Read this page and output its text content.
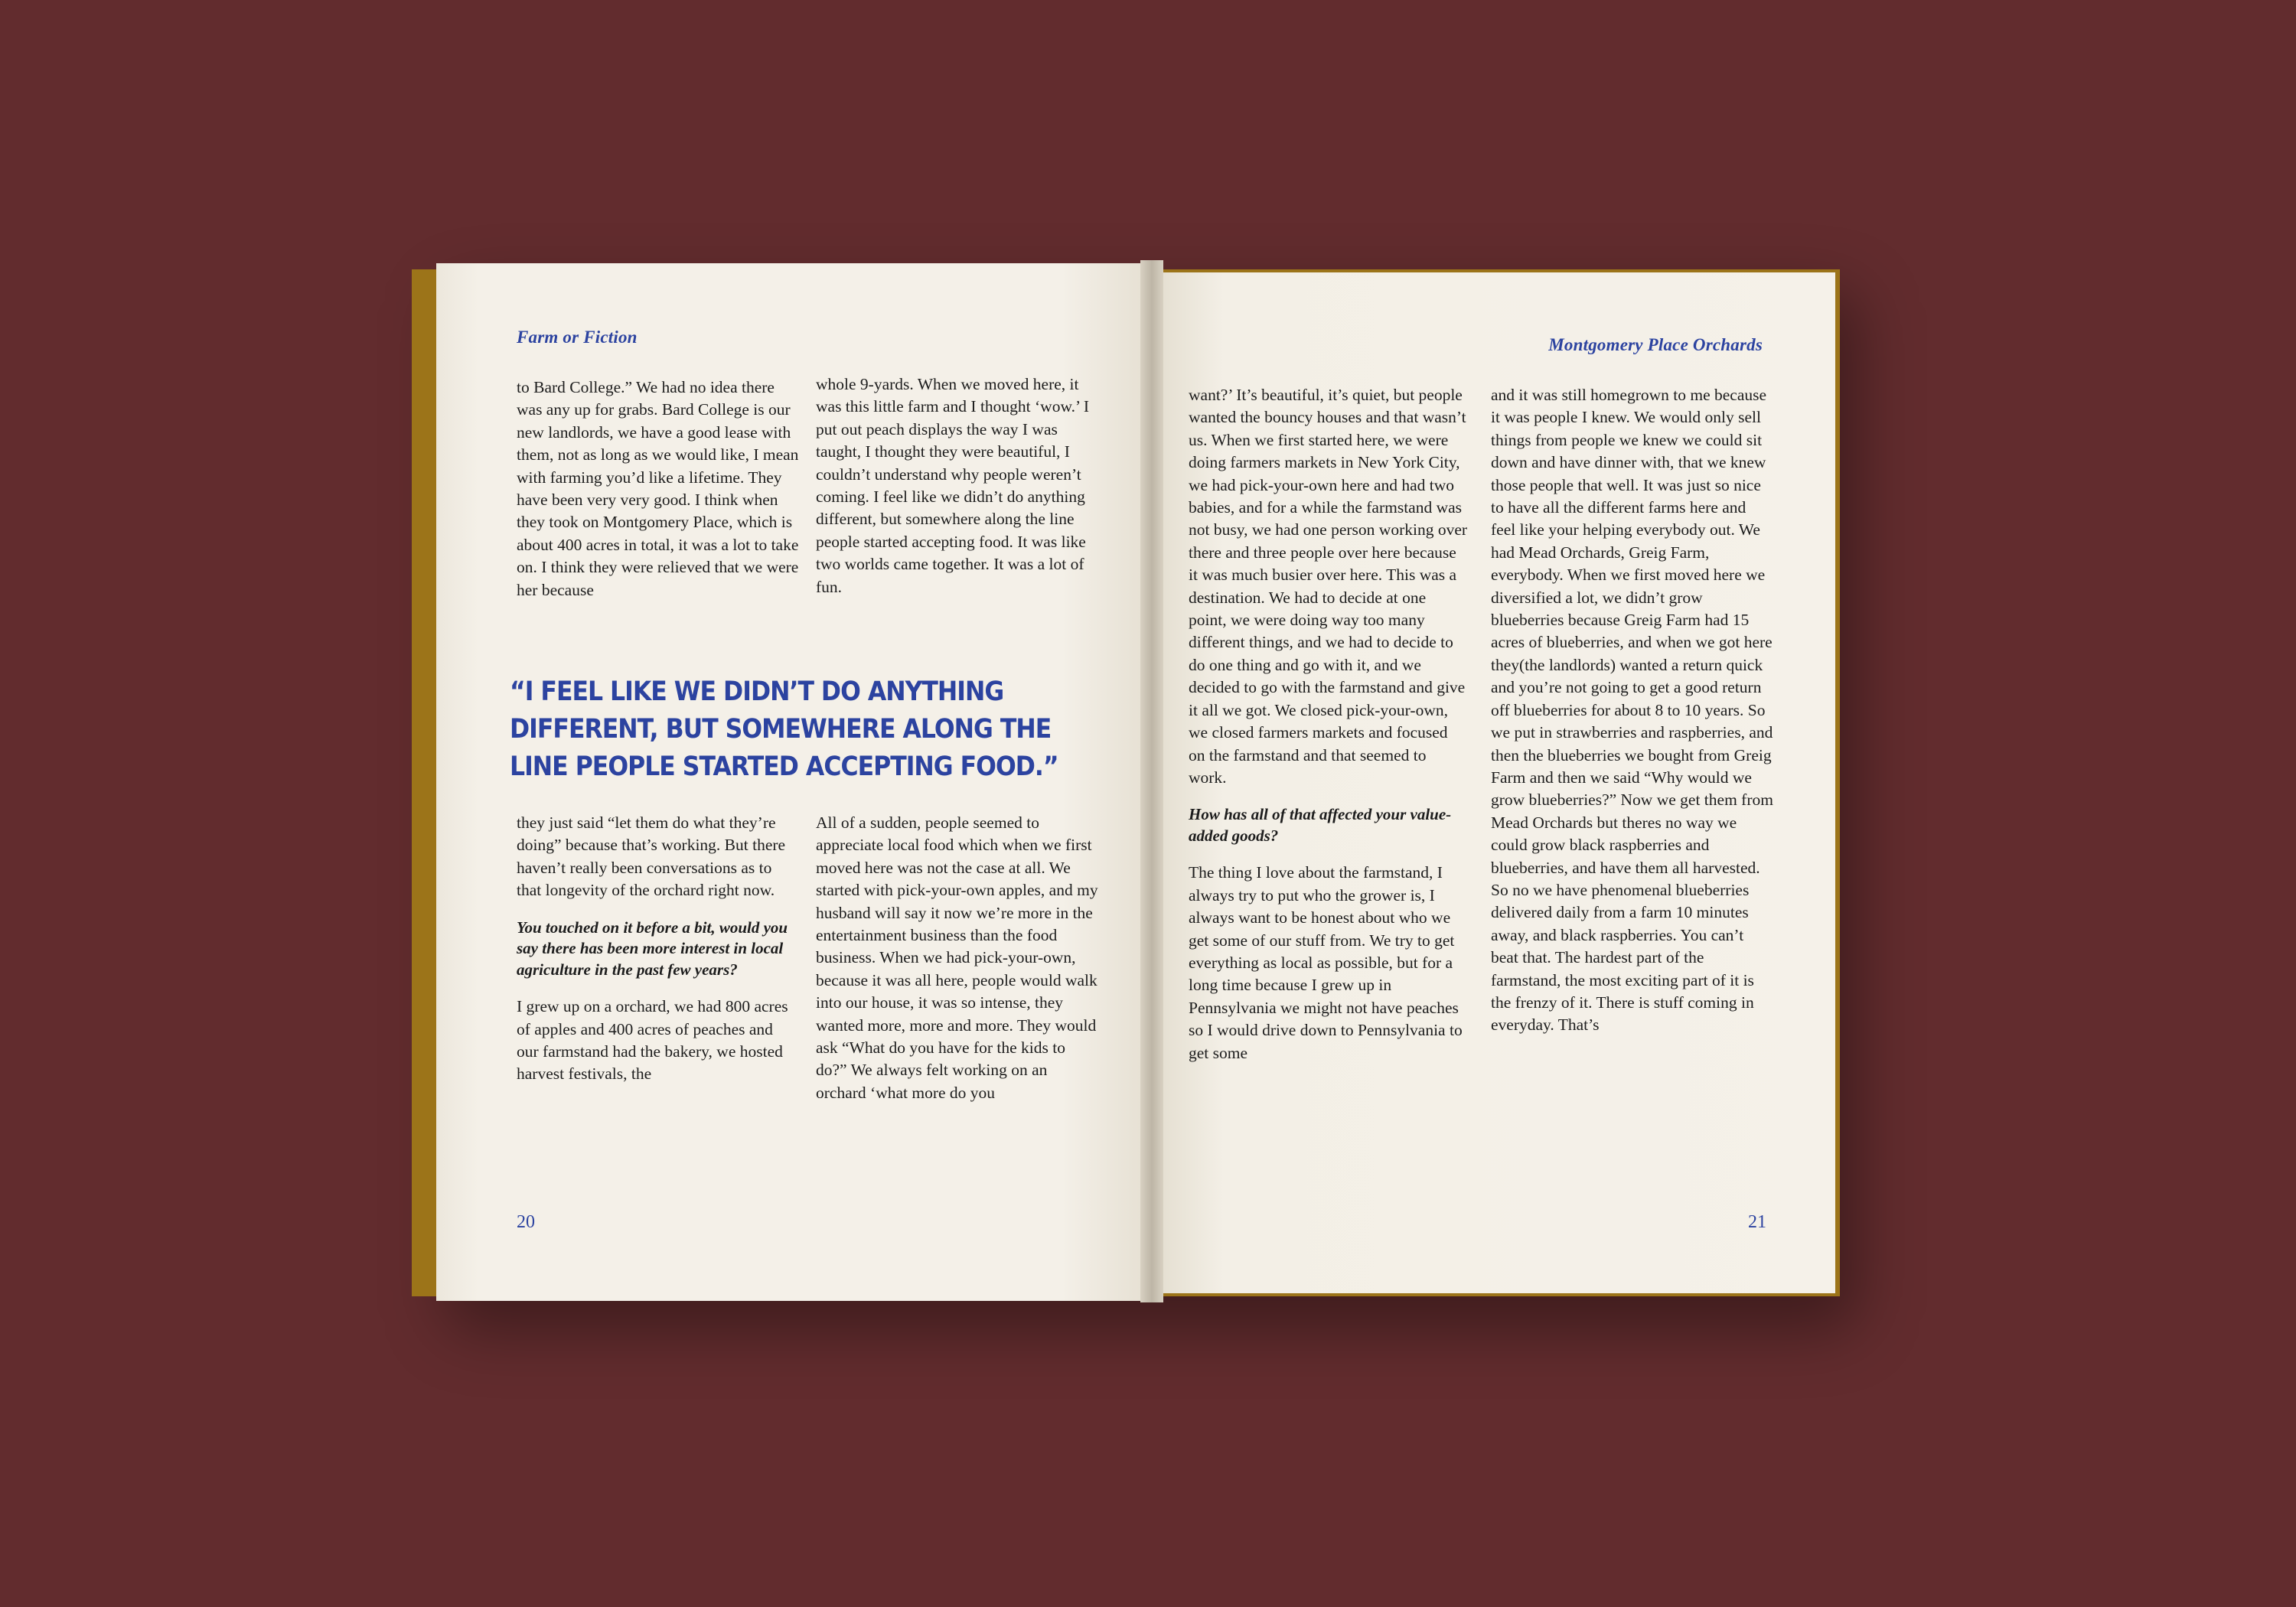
Farm or Fiction

to Bard College.” We had no idea there was any up for grabs. Bard College is our new landlords, we have a good lease with them, not as long as we would like, I mean with farming you’d like a lifetime. They have been very very good. I think when they took on Montgomery Place, which is about 400 acres in total, it was a lot to take on. I think they were relieved that we were her because

whole 9-yards. When we moved here, it was this little farm and I thought ‘wow.’ I put out peach displays the way I was taught, I thought they were beautiful, I couldn’t understand why people weren’t coming. I feel like we didn’t do anything different, but somewhere along the line people started accepting food. It was like two worlds came together. It was a lot of fun.

“I FEEL LIKE WE DIDN’T DO ANYTHING DIFFERENT, BUT SOMEWHERE ALONG THE LINE PEOPLE STARTED ACCEPTING FOOD.”

they just said “let them do what they’re doing” because that’s working. But there haven’t really been conversations as to that longevity of the orchard right now.

You touched on it before a bit, would you say there has been more interest in local agriculture in the past few years?

I grew up on a orchard, we had 800 acres of apples and 400 acres of peaches and our farmstand had the bakery, we hosted harvest festivals, the

All of a sudden, people seemed to appreciate local food which when we first moved here was not the case at all. We started with pick-your-own apples, and my husband will say it now we’re more in the entertainment business than the food business. When we had pick-your-own, because it was all here, people would walk into our house, it was so intense, they wanted more, more and more. They would ask “What do you have for the kids to do?” We always felt working on an orchard ‘what more do you

20
Montgomery Place Orchards

want?’ It’s beautiful, it’s quiet, but people wanted the bouncy houses and that wasn’t us. When we first started here, we were doing farmers markets in New York City, we had pick-your-own here and had two babies, and for a while the farmstand was not busy, we had one person working over there and three people over here because it was much busier over here. This was a destination. We had to decide at one point, we were doing way too many different things, and we had to decide to do one thing and go with it, and we decided to go with the farmstand and give it all we got. We closed pick-your-own, we closed farmers markets and focused on the farmstand and that seemed to work.

How has all of that affected your value-added goods?

The thing I love about the farmstand, I always try to put who the grower is, I always want to be honest about who we get some of our stuff from. We try to get everything as local as possible, but for a long time because I grew up in Pennsylvania we might not have peaches so I would drive down to Pennsylvania to get some

and it was still homegrown to me because it was people I knew. We would only sell things from people we knew we could sit down and have dinner with, that we knew those people that well. It was just so nice to have all the different farms here and feel like your helping everybody out. We had Mead Orchards, Greig Farm, everybody. When we first moved here we diversified a lot, we didn’t grow blueberries because Greig Farm had 15 acres of blueberries, and when we got here they(the landlords) wanted a return quick and you’re not going to get a good return off blueberries for about 8 to 10 years. So we put in strawberries and raspberries, and then the blueberries we bought from Greig Farm and then we said “Why would we grow blueberries?” Now we get them from Mead Orchards but theres no way we could grow black raspberries and blueberries, and have them all harvested. So no we have phenomenal blueberries delivered daily from a farm 10 minutes away, and black raspberries. You can’t beat that. The hardest part of the farmstand, the most exciting part of it is the frenzy of it. There is stuff coming in everyday. That’s

21
